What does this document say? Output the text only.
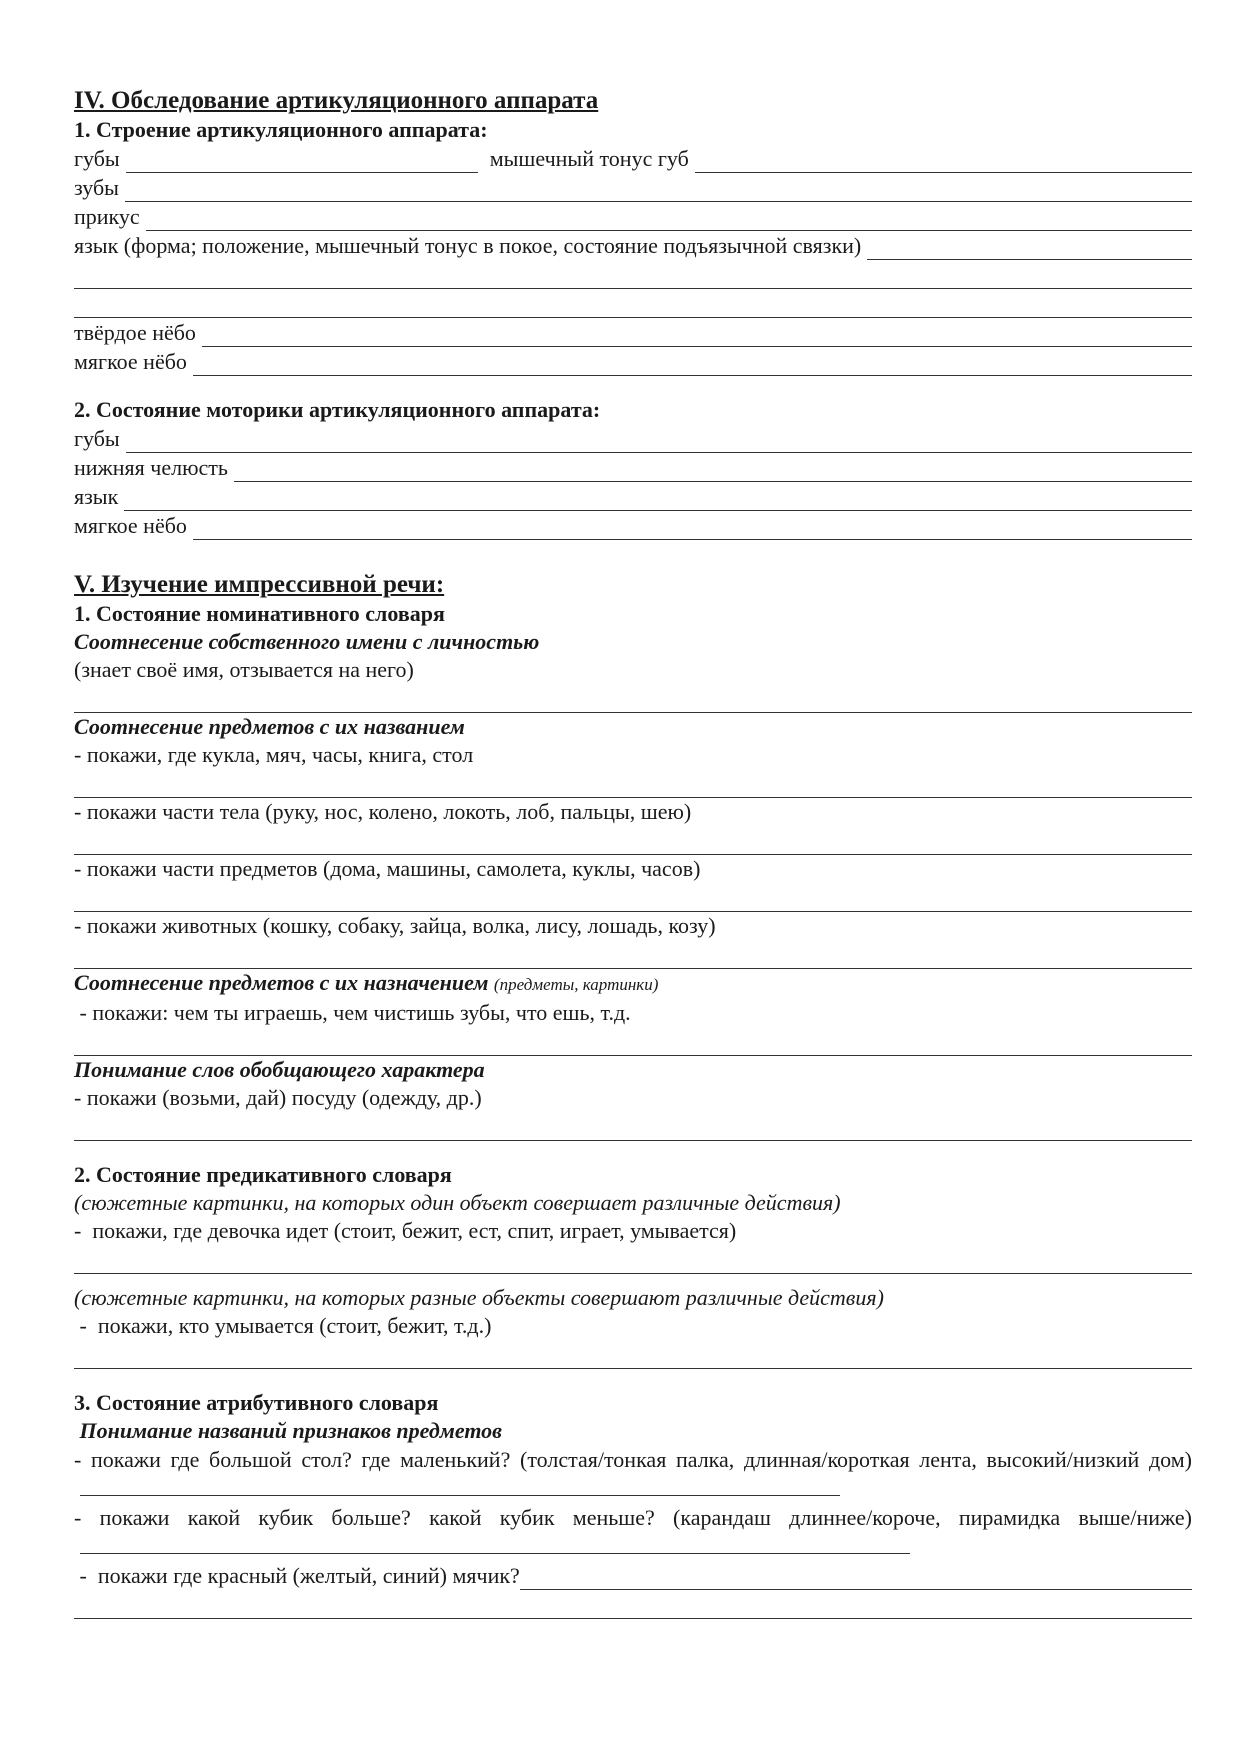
IV. Обследование артикуляционного аппарата
1. Строение артикуляционного аппарата:
губы	мышечный тонус губ
зубы
прикус
язык (форма; положение, мышечный тонус в покое, состояние подъязычной связки)
твёрдое нёбо
мягкое нёбо
2. Состояние моторики артикуляционного аппарата:
губы
нижняя челюсть
язык
мягкое нёбо
V. Изучение импрессивной речи:
1. Состояние номинативного словаря
Соотнесение собственного имени с личностью
(знает своё имя, отзывается на него)
Соотнесение предметов с их названием
- покажи, где кукла, мяч, часы, книга, стол
- покажи части тела (руку, нос, колено, локоть, лоб, пальцы, шею)
- покажи части предметов (дома, машины, самолета, куклы, часов)
- покажи животных (кошку, собаку, зайца, волка, лису, лошадь, козу)
Соотнесение предметов с их назначением (предметы, картинки)
- покажи: чем ты играешь, чем чистишь зубы, что ешь, т.д.
Понимание слов обобщающего характера
- покажи (возьми, дай) посуду (одежду, др.)
2. Состояние предикативного словаря
(сюжетные картинки, на которых один объект совершает различные действия)
-  покажи, где девочка идет (стоит, бежит, ест, спит, играет, умывается)
(сюжетные картинки, на которых разные объекты совершают различные действия)
-  покажи, кто умывается (стоит, бежит, т.д.)
3. Состояние атрибутивного словаря
Понимание названий признаков предметов
- покажи где большой стол? где маленький? (толстая/тонкая палка, длинная/короткая лента, высокий/низкий дом)
- покажи какой кубик больше? какой кубик меньше? (карандаш длиннее/короче, пирамидка выше/ниже)
-  покажи где красный (желтый, синий) мячик?
